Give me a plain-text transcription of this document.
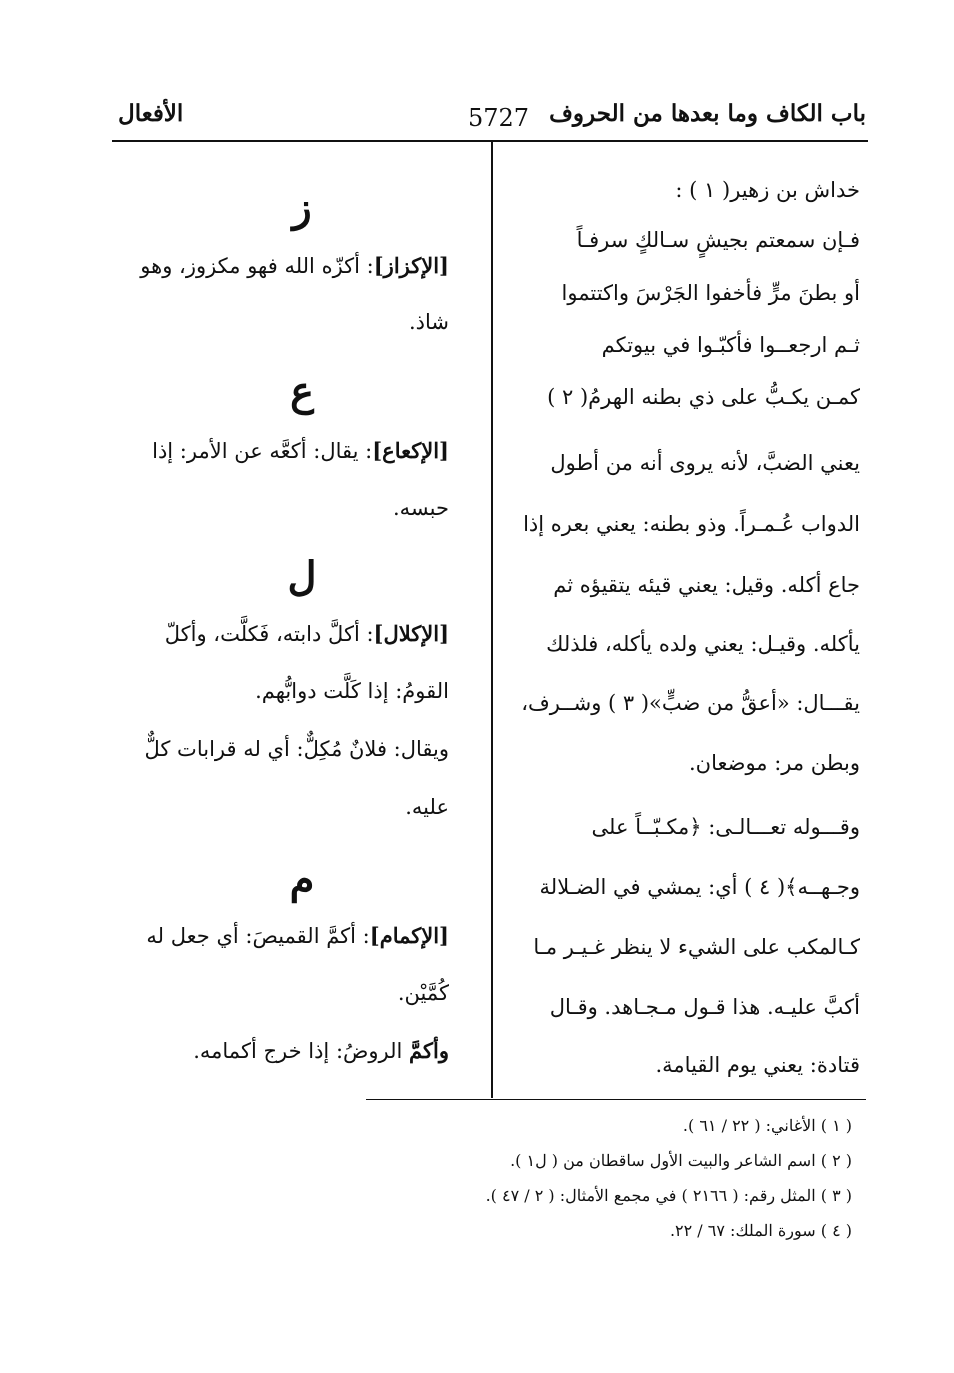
باب الكاف وما بعدها من الحروف
5727
الأفعال
خداش بن زهير( ١ ) :
فـإن سمعتم بجيشٍ سـالكٍ سرفـاً
أو بطنَ مرٍّ فأخفوا الجَرْسَ واكتتموا
ثـم ارجعــوا فأكبّـوا في بيوتكم
كمـن يكـبُّ على ذي بطنه الهرمُ( ٢ )
يعني الضبَّ، لأنه يروى أنه من أطول
الدواب عُـمـراً. وذو بطنه: يعني بعره إذا
جاع أكله. وقيل: يعني قيئه يتقيؤه ثم
يأكله. وقيـل: يعني ولده يأكله، فلذلك
يقـــال: «أعقُّ من ضبٍّ»( ٣ ) وشــرف،
وبطن مر: موضعان.
وقـــوله تعـــالـى: ﴿مكـبّــاً على
وجـهــه﴾( ٤ ) أي: يمشي في الضـلالة
كـالمكب على الشيء لا ينظر غـيـر مـا
أكبَّ عليـه. هذا قـول مـجـاهد. وقـال
قتادة: يعني يوم القيامة.
ز
[الإكزاز]: أكزّه الله فهو مكزوز، وهو
شاذ.
ع
[الإكعاع]: يقال: أكعَّه عن الأمر: إذا
حبسه.
ل
[الإكلال]: أكلَّ دابته، فَكلَّت، وأكلّ
القومُ: إذا كَلَّت دوابُّهم.
ويقال: فلانٌ مُكِلٌّ: أي له قرابات كلٌّ
عليه.
م
[الإكمام]: أكمَّ القميصَ: أي جعل له
كُمَّيْن.
وأكمَّ الروضُ: إذا خرج أكمامه.
( ١ ) الأغاني: ( ٢٢ / ٦١ ).
( ٢ ) اسم الشاعر والبيت الأول ساقطان من ( ل١ ).
( ٣ ) المثل رقم: ( ٢١٦٦ ) في مجمع الأمثال: ( ٢ / ٤٧ ).
( ٤ ) سورة الملك: ٦٧ / ٢٢.
